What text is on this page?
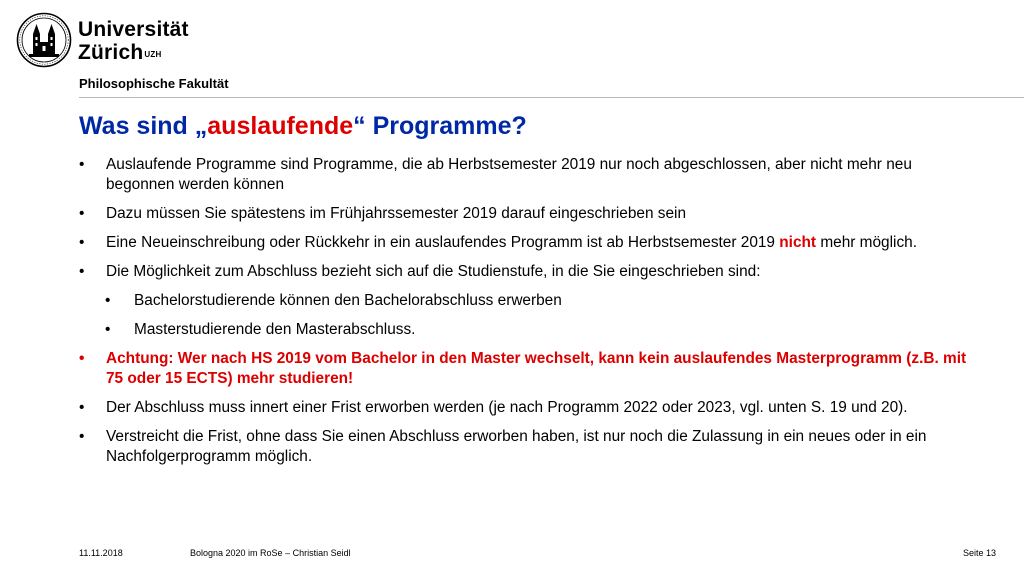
Universität
Zürich$^{UZH}$
Philosophische Fakultät
Was sind „auslaufende“ Programme?
• Auslaufende Programme sind Programme, die ab Herbstsemester 2019 nur noch abgeschlossen, aber nicht mehr neu begonnen werden können
• Dazu müssen Sie spätestens im Frühjahrssemester 2019 darauf eingeschrieben sein
• Eine Neueinschreibung oder Rückkehr in ein auslaufendes Programm ist ab Herbstsemester 2019 nicht mehr möglich.
• Die Möglichkeit zum Abschluss bezieht sich auf die Studienstufe, in die Sie eingeschrieben sind:
• Bachelorstudierende können den Bachelorabschluss erwerben
• Masterstudierende den Masterabschluss.
• Achtung: Wer nach HS 2019 vom Bachelor in den Master wechselt, kann kein auslaufendes Masterprogramm (z.B. mit 75 oder 15 ECTS) mehr studieren!
• Der Abschluss muss innert einer Frist erworben werden (je nach Programm 2022 oder 2023, vgl. unten S. 19 und 20).
• Verstreicht die Frist, ohne dass Sie einen Abschluss erworben haben, ist nur noch die Zulassung in ein neues oder in ein Nachfolgerprogramm möglich.
11.11.2018	Bologna 2020 im RoSe – Christian Seidl	Seite 13
